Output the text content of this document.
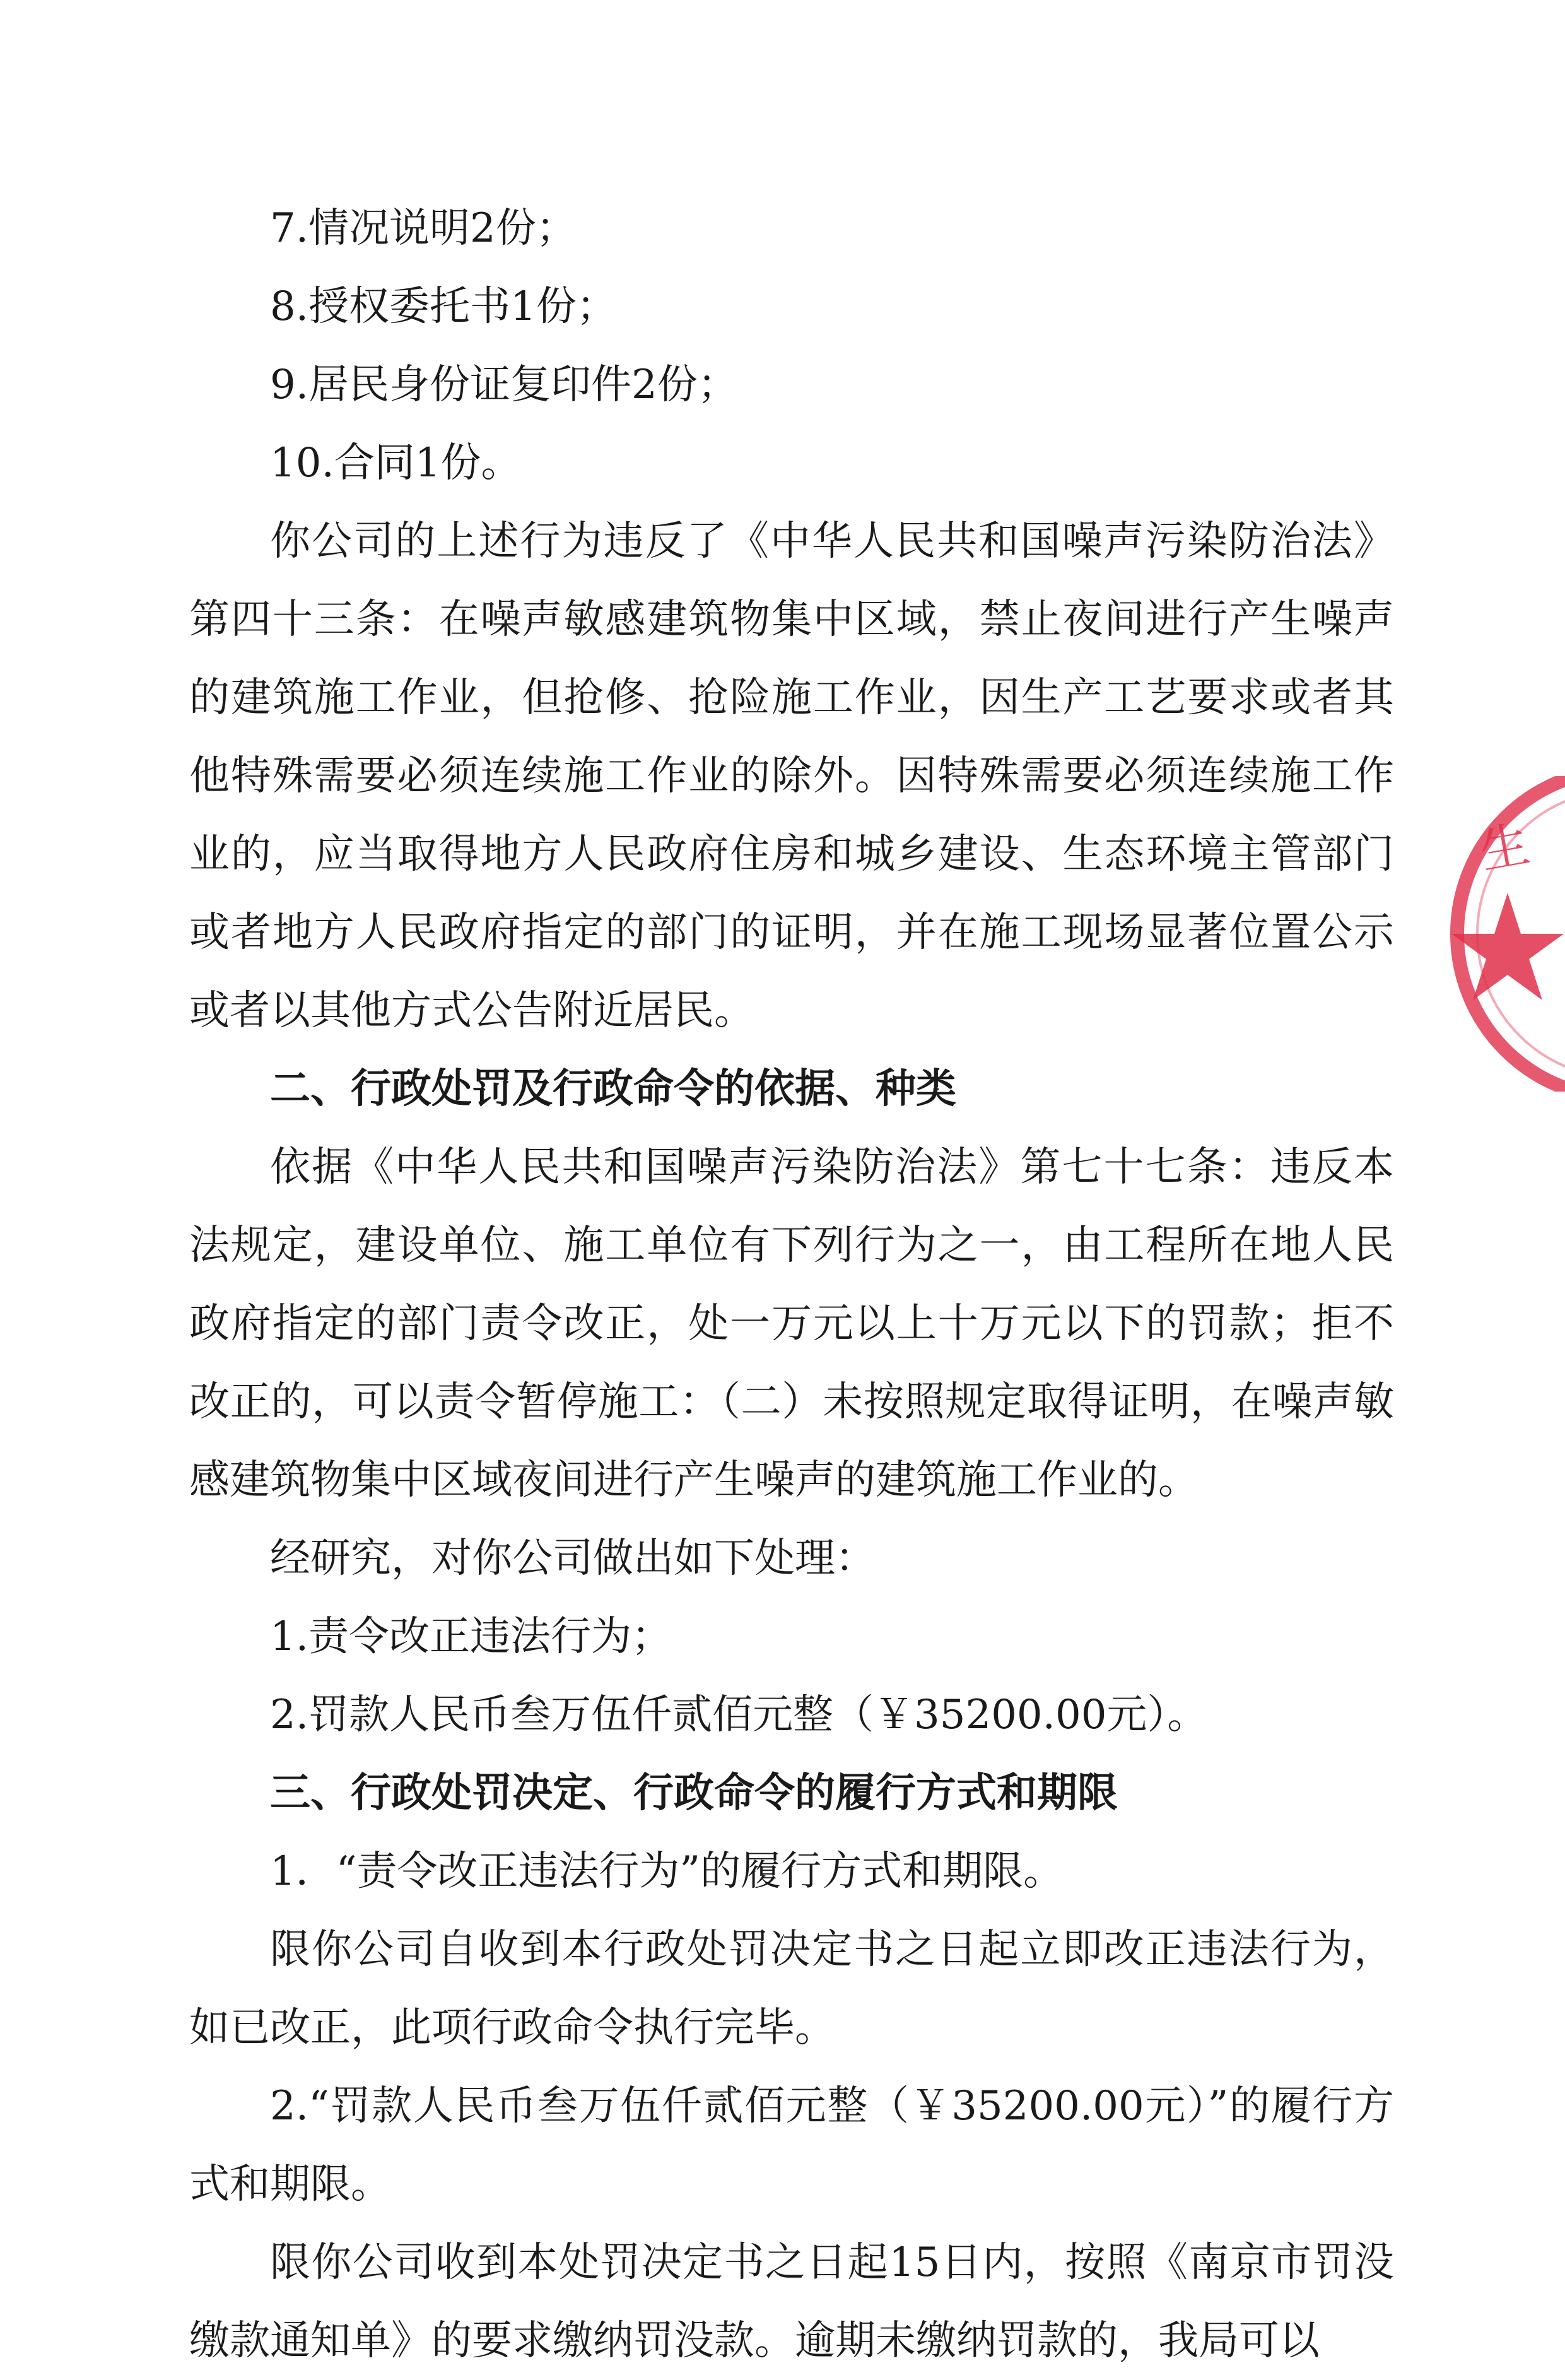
7.情况说明2份；

8.授权委托书1份；

9.居民身份证复印件2份；

10.合同1份。

你公司的上述行为违反了《中华人民共和国噪声污染防治法》第四十三条：在噪声敏感建筑物集中区域，禁止夜间进行产生噪声的建筑施工作业，但抢修、抢险施工作业，因生产工艺要求或者其他特殊需要必须连续施工作业的除外。因特殊需要必须连续施工作业的，应当取得地方人民政府住房和城乡建设、生态环境主管部门或者地方人民政府指定的部门的证明，并在施工现场显著位置公示或者以其他方式公告附近居民。

二、行政处罚及行政命令的依据、种类

依据《中华人民共和国噪声污染防治法》第七十七条：违反本法规定，建设单位、施工单位有下列行为之一，由工程所在地人民政府指定的部门责令改正，处一万元以上十万元以下的罚款；拒不改正的，可以责令暂停施工：（二）未按照规定取得证明，在噪声敏感建筑物集中区域夜间进行产生噪声的建筑施工作业的。

经研究，对你公司做出如下处理：

1.责令改正违法行为；

2.罚款人民币叁万伍仟贰佰元整（￥35200.00元）。

三、行政处罚决定、行政命令的履行方式和期限

1．“责令改正违法行为”的履行方式和期限。

限你公司自收到本行政处罚决定书之日起立即改正违法行为，如已改正，此项行政命令执行完毕。

2.“罚款人民币叁万伍仟贰佰元整（￥35200.00元）”的履行方式和期限。

限你公司收到本处罚决定书之日起15日内，按照《南京市罚没缴款通知单》的要求缴纳罚没款。逾期未缴纳罚款的，我局可以

生
